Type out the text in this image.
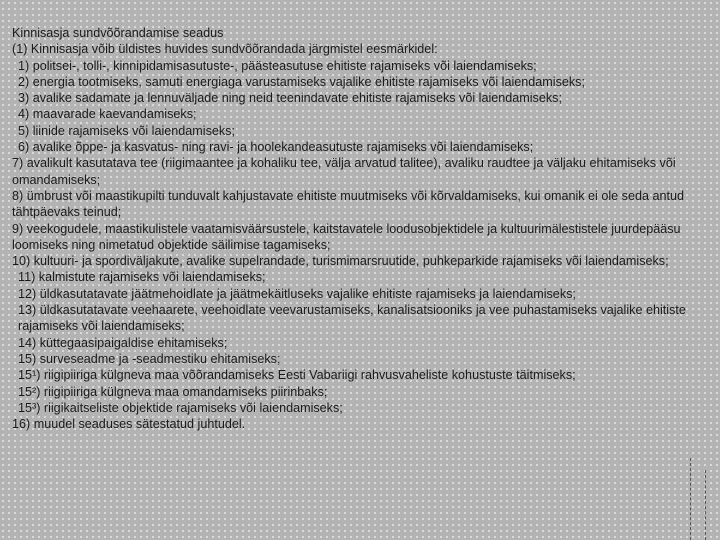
Kinnisasja sundvõõrandamise seadus

(1) Kinnisasja võib üldistes huvides sundvõõrandada järgmistel eesmärkidel:

1) politsei-, tolli-, kinnipidamisasutuste-, päästeasutuse ehitiste rajamiseks või laiendamiseks;

2) energia tootmiseks, samuti energiaga varustamiseks vajalike ehitiste rajamiseks või laiendamiseks;

3) avalike sadamate ja lennuväljade ning neid teenindavate ehitiste rajamiseks või laiendamiseks;

4) maavarade kaevandamiseks;

5) liinide rajamiseks või laiendamiseks;

6) avalike õppe- ja kasvatus- ning ravi- ja hoolekandeasutuste rajamiseks või laiendamiseks;

7) avalikult kasutatava tee (riigimaantee ja kohaliku tee, välja arvatud talitee), avaliku raudtee ja väljaku ehitamiseks või omandamiseks;

8) ümbrust või maastikupilti tunduvalt kahjustavate ehitiste muutmiseks või kõrvaldamiseks, kui omanik ei ole seda antud tähtpäevaks teinud;

9) veekogudele, maastikulistele vaatamisväärsustele, kaitstavatele loodusobjektidele ja kultuurimälestistele juurdepääsu loomiseks ning nimetatud objektide säilimise tagamiseks;

10) kultuuri- ja spordiväljakute, avalike supelrandade, turismimarsruutide, puhkeparkide rajamiseks või laiendamiseks;

11) kalmistute rajamiseks või laiendamiseks;

12) üldkasutatavate jäätmehoidlate ja jäätmekäitluseks vajalike ehitiste rajamiseks ja laiendamiseks;

13) üldkasutatavate veehaarete, veehoidlate veevarustamiseks, kanalisatsiooniks ja vee puhastamiseks vajalike ehitiste rajamiseks või laiendamiseks;

14) küttegaasipaigaldise ehitamiseks;

15) surveseadme ja -seadmestiku ehitamiseks;

15¹) riigipiiriga külgneva maa võõrandamiseks Eesti Vabariigi rahvusvaheliste kohustuste täitmiseks;

15²) riigipiiriga külgneva maa omandamiseks piirinbaks;

15³) riigikaitseliste objektide rajamiseks või laiendamiseks;

16) muudel seaduses sätestatud juhtudel.
